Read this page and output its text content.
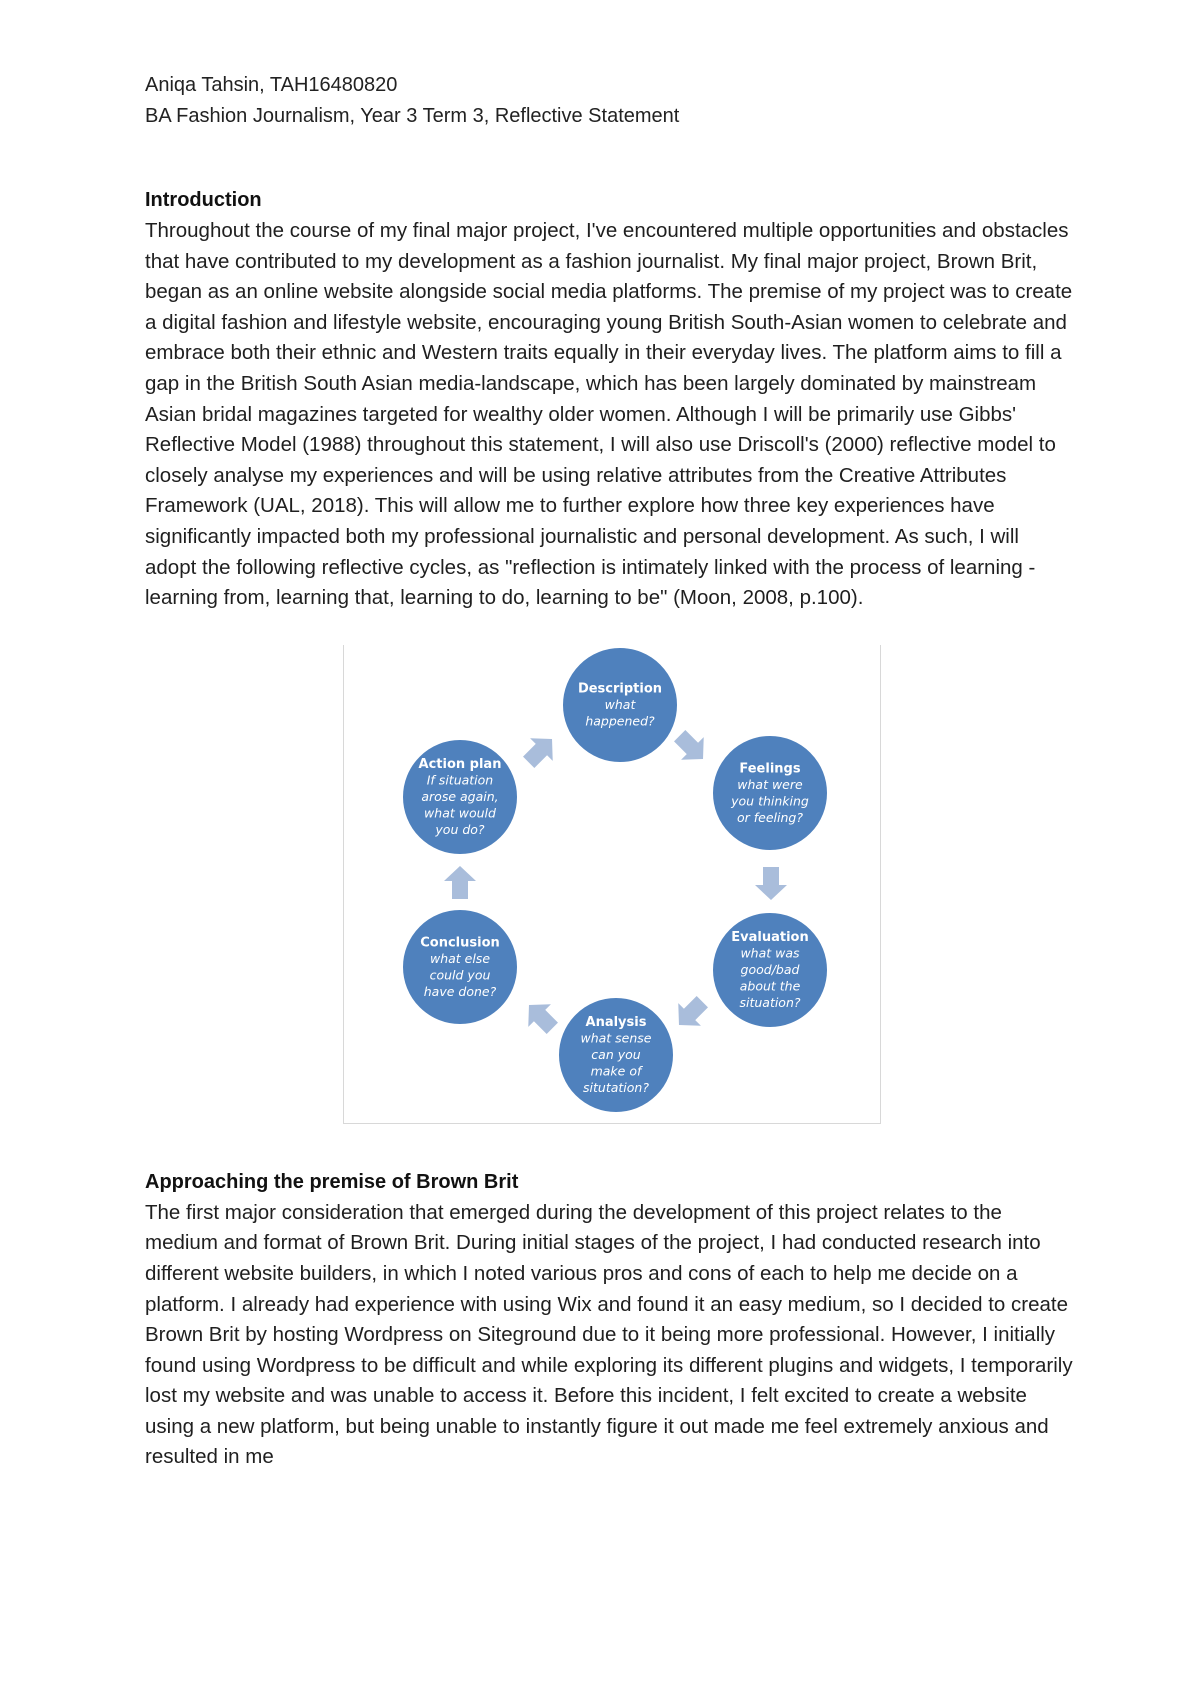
Aniqa Tahsin, TAH16480820

BA Fashion Journalism, Year 3 Term 3, Reflective Statement

Introduction

Throughout the course of my final major project, I've encountered multiple opportunities and obstacles that have contributed to my development as a fashion journalist. My final major project, Brown Brit, began as an online website alongside social media platforms. The premise of my project was to create a digital fashion and lifestyle website, encouraging young British South-Asian women to celebrate and embrace both their ethnic and Western traits equally in their everyday lives. The platform aims to fill a gap in the British South Asian media-landscape, which has been largely dominated by mainstream Asian bridal magazines targeted for wealthy older women. Although I will be primarily use Gibbs' Reflective Model (1988) throughout this statement, I will also use Driscoll's (2000) reflective model to closely analyse my experiences and will be using relative attributes from the Creative Attributes Framework (UAL, 2018). This will allow me to further explore how three key experiences have significantly impacted both my professional journalistic and personal development. As such, I will adopt the following reflective cycles, as "reflection is intimately linked with the process of learning - learning from, learning that, learning to do, learning to be" (Moon, 2008, p.100).

Description
what
happened?
Feelings
what were
you thinking
or feeling?
Evaluation
what was
good/bad
about the
situation?
Analysis
what sense
can you
make of
situtation?
Conclusion
what else
could you
have done?
Action plan
If situation
arose again,
what would
you do?

Approaching the premise of Brown Brit

The first major consideration that emerged during the development of this project relates to the medium and format of Brown Brit. During initial stages of the project, I had conducted research into different website builders, in which I noted various pros and cons of each to help me decide on a platform. I already had experience with using Wix and found it an easy medium, so I decided to create Brown Brit by hosting Wordpress on Siteground due to it being more professional. However, I initially found using Wordpress to be difficult and while exploring its different plugins and widgets, I temporarily lost my website and was unable to access it. Before this incident, I felt excited to create a website using a new platform, but being unable to instantly figure it out made me feel extremely anxious and resulted in me
